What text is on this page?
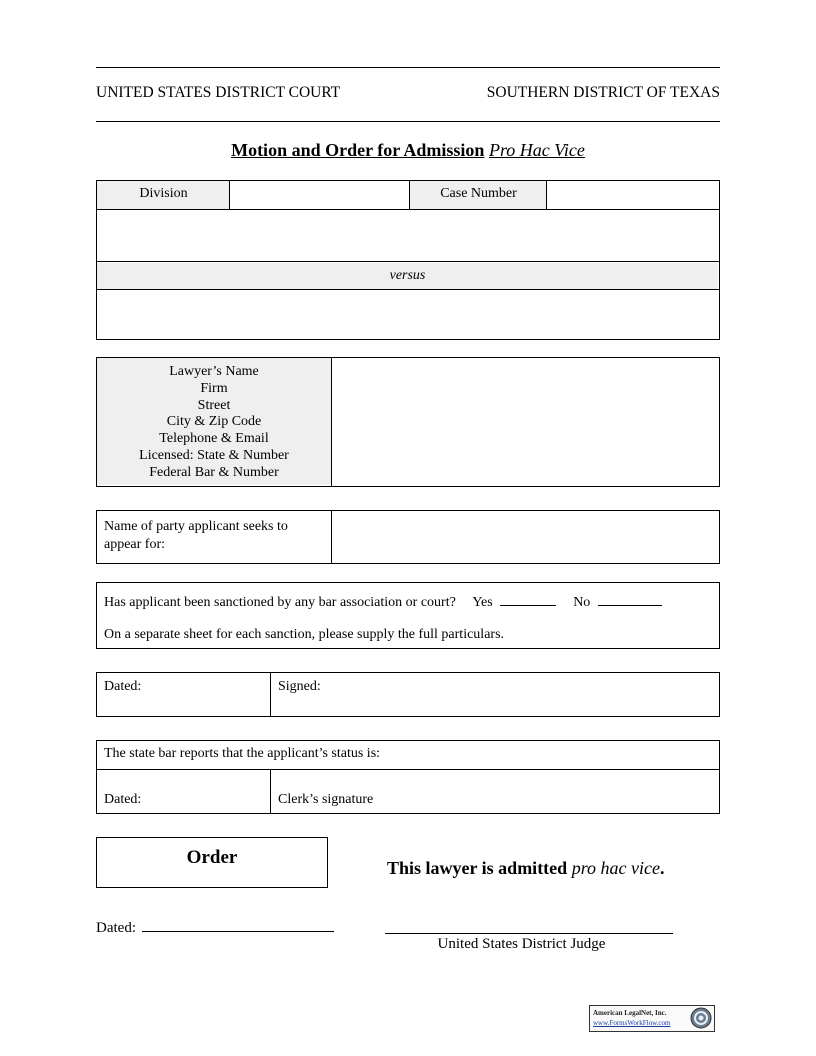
UNITED STATES DISTRICT COURT	SOUTHERN DISTRICT OF TEXAS
Motion and Order for Admission Pro Hac Vice
Division	Case Number
versus
Lawyer’s Name
Firm
Street
City & Zip Code
Telephone & Email
Licensed: State & Number
Federal Bar & Number
Name of party applicant seeks to
appear for:
Has applicant been sanctioned by any bar association or court? Yes	No
On a separate sheet for each sanction, please supply the full particulars.
Dated:	Signed:
The state bar reports that the applicant’s status is:
Dated:	Clerk’s signature
Order	This lawyer is admitted pro hac vice.
Dated:
United States District Judge
American LegalNet, Inc.
www.FormsWorkFlow.com
